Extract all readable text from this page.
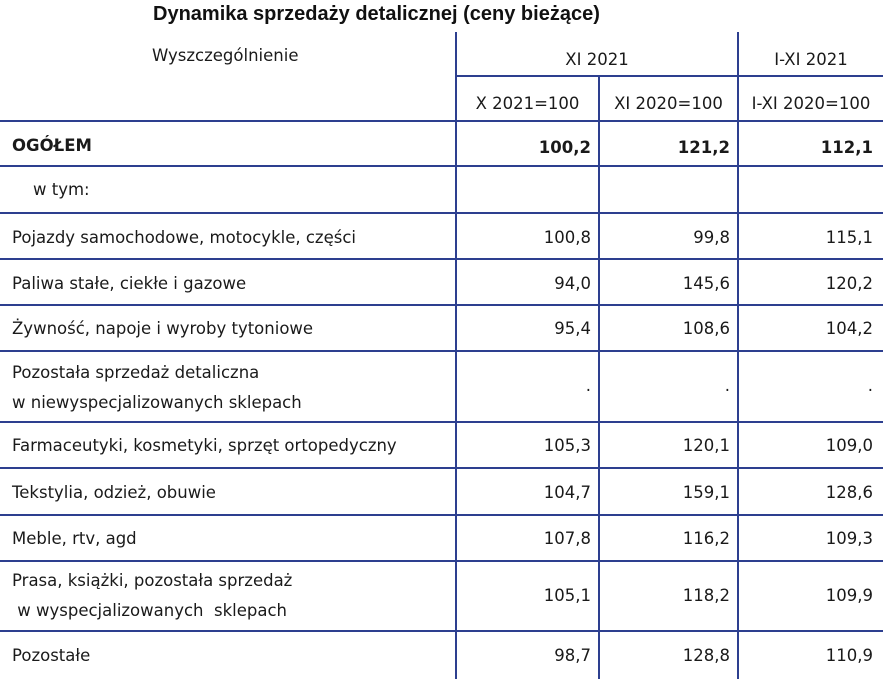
Dynamika sprzedaży detalicznej (ceny bieżące)
Wyszczególnienie	XI 2021	I-XI 2021
X 2021=100	XI 2020=100	I-XI 2020=100
OGÓŁEM	100,2	121,2	112,1
w tym:
Pojazdy samochodowe, motocykle, części	100,8	99,8	115,1
Paliwa stałe, ciekłe i gazowe	94,0	145,6	120,2
Żywność, napoje i wyroby tytoniowe	95,4	108,6	104,2
Pozostała sprzedaż detaliczna
w niewyspecjalizowanych sklepach
.	.	.
Farmaceutyki, kosmetyki, sprzęt ortopedyczny	105,3	120,1	109,0
Tekstylia, odzież, obuwie	104,7	159,1	128,6
Meble, rtv, agd	107,8	116,2	109,3
Prasa, książki, pozostała sprzedaż
w wyspecjalizowanych  sklepach
105,1	118,2	109,9
Pozostałe	98,7	128,8	110,9
